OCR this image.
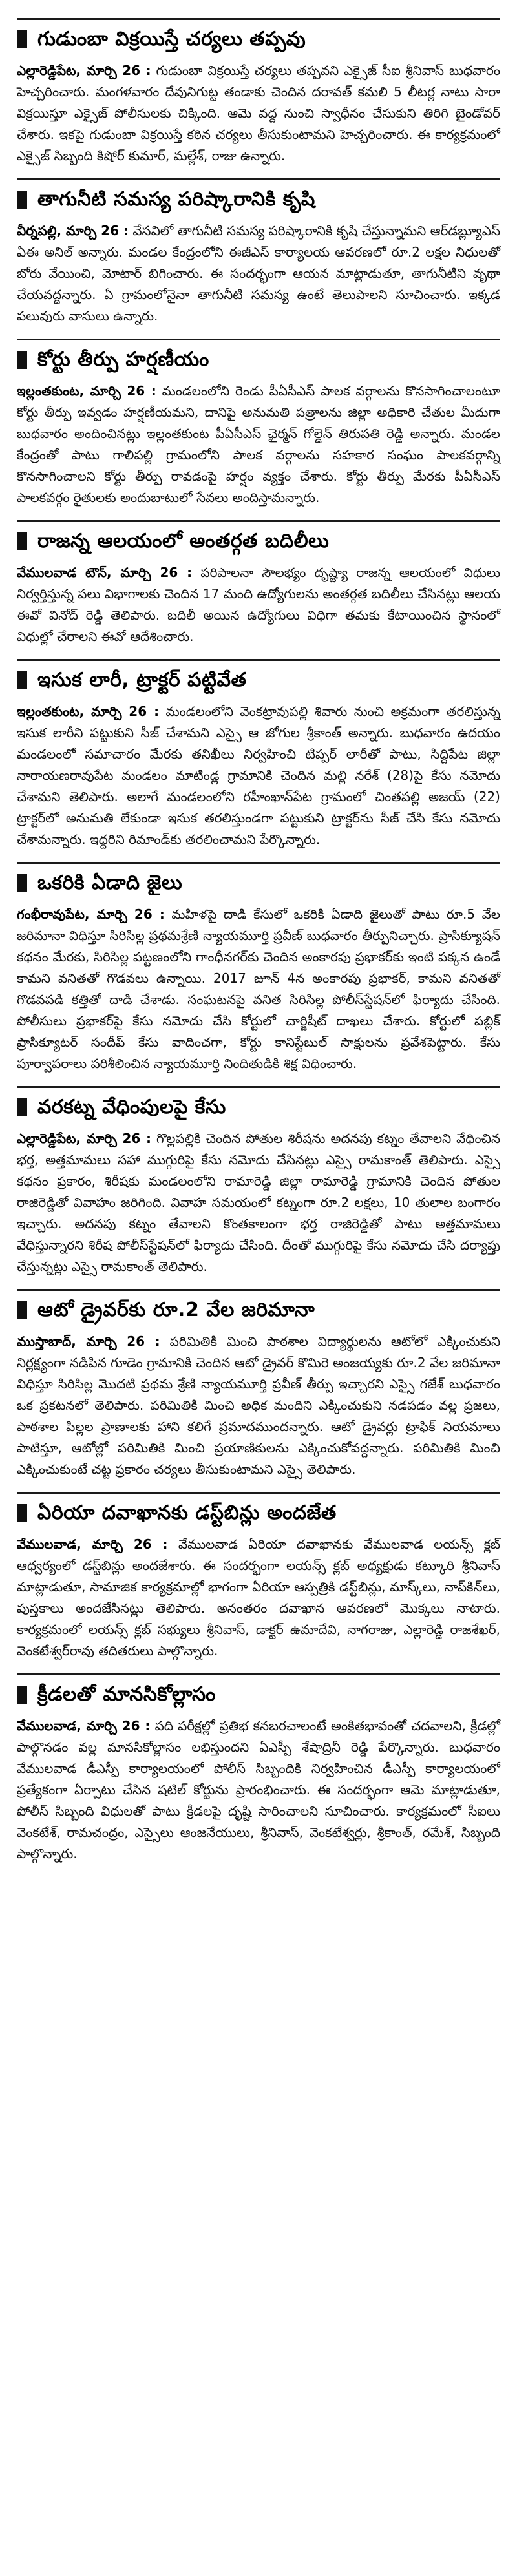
గుడుంబా విక్రయిస్తే చర్యలు తప్పవు

ఎల్లారెడ్డిపేట, మార్చి 26 : గుడుంబా విక్రయిస్తే చర్యలు తప్పవని ఎక్సైజ్ సీఐ శ్రీనివాస్ బుధవారం హెచ్చరించారు. మంగళవారం దేవునిగుట్ట తండాకు చెందిన దరావత్ కమలి 5 లీటర్ల నాటు సారా విక్రయిస్తూ ఎక్సైజ్ పోలీసులకు చిక్కింది. ఆమె వద్ద నుంచి స్వాధీనం చేసుకుని తిరిగి బైండోవర్ చేశారు. ఇకపై గుడుంబా విక్రయిస్తే కఠిన చర్యలు తీసుకుంటామని హెచ్చరించారు. ఈ కార్యక్రమంలో ఎక్సైజ్ సిబ్బంది కిషోర్ కుమార్, మల్లేశ్, రాజు ఉన్నారు.

తాగునీటి సమస్య పరిష్కారానికి కృషి

వీర్నపల్లి, మార్చి 26 : వేసవిలో తాగునీటి సమస్య పరిష్కారానికి కృషి చేస్తున్నామని ఆర్‌డబ్ల్యూఎస్ ఏఈ అనిల్ అన్నారు. మండల కేంద్రంలోని ఈజీఎస్ కార్యాలయ ఆవరణలో రూ.2 లక్షల నిధులతో బోరు వేయించి, మోటార్ బిగించారు. ఈ సందర్భంగా ఆయన మాట్లాడుతూ, తాగునీటిని వృథా చేయవద్దన్నారు. ఏ గ్రామంలోనైనా తాగునీటి సమస్య ఉంటే తెలుపాలని సూచించారు. ఇక్కడ పలువురు వాసులు ఉన్నారు.

కోర్టు తీర్పు హర్షణీయం

ఇల్లంతకుంట, మార్చి 26 : మండలంలోని రెండు పీఏసీఎస్ పాలక వర్గాలను కొనసాగించాలంటూ కోర్టు తీర్పు ఇవ్వడం హర్షణీయమని, దానిపై అనుమతి పత్రాలను జిల్లా అధికారి చేతుల మీదుగా బుధవారం అందించినట్లు ఇల్లంతకుంట పీఏసీఎస్ ఛైర్మన్ గోల్డెన్ తిరుపతి రెడ్డి అన్నారు. మండల కేంద్రంతో పాటు గాలిపల్లి గ్రామంలోని పాలక వర్గాలను సహకార సంఘం పాలకవర్గాన్ని కొనసాగించాలని కోర్టు తీర్పు రావడంపై హర్షం వ్యక్తం చేశారు. కోర్టు తీర్పు మేరకు పీఏసీఎస్ పాలకవర్గం రైతులకు అందుబాటులో సేవలు అందిస్తామన్నారు.

రాజన్న ఆలయంలో అంతర్గత బదిలీలు

వేములవాడ టౌన్, మార్చి 26 : పరిపాలనా సౌలభ్యం దృష్ట్యా రాజన్న ఆలయంలో విధులు నిర్వర్తిస్తున్న పలు విభాగాలకు చెందిన 17 మంది ఉద్యోగులను అంతర్గత బదిలీలు చేసినట్లు ఆలయ ఈవో వినోద్ రెడ్డి తెలిపారు. బదిలీ అయిన ఉద్యోగులు విధిగా తమకు కేటాయించిన స్థానంలో విధుల్లో చేరాలని ఈవో ఆదేశించారు.

ఇసుక లారీ, ట్రాక్టర్ పట్టివేత

ఇల్లంతకుంట, మార్చి 26 : మండలంలోని వెంకట్రావుపల్లి శివారు నుంచి అక్రమంగా తరలిస్తున్న ఇసుక లారీని పట్టుకుని సీజ్ చేశామని ఎస్సై ఆ జోగుల శ్రీకాంత్ అన్నారు. బుధవారం ఉదయం మండలంలో సమాచారం మేరకు తనిఖీలు నిర్వహించి టిప్పర్ లారీతో పాటు, సిద్దిపేట జిల్లా నారాయణరావుపేట మండలం మాటిండ్ల గ్రామానికి చెందిన మల్లి నరేశ్ (28)పై కేసు నమోదు చేశామని తెలిపారు. అలాగే మండలంలోని రహీంఖాన్‌పేట గ్రామంలో చింతపల్లి అజయ్ (22) ట్రాక్టర్‌లో అనుమతి లేకుండా ఇసుక తరలిస్తుండగా పట్టుకుని ట్రాక్టర్‌ను సీజ్ చేసి కేసు నమోదు చేశామన్నారు. ఇద్దరిని రిమాండ్‌కు తరలించామని పేర్కొన్నారు.

ఒకరికి ఏడాది జైలు

గంభీరావుపేట, మార్చి 26 : మహిళపై దాడి కేసులో ఒకరికి ఏడాది జైలుతో పాటు రూ.5 వేల జరిమానా విధిస్తూ సిరిసిల్ల ప్రథమశ్రేణి న్యాయమూర్తి ప్రవీణ్ బుధవారం తీర్పునిచ్చారు. ప్రాసిక్యూషన్ కథనం మేరకు, సిరిసిల్ల పట్టణంలోని గాంధీనగర్‌కు చెందిన అంకారపు ప్రభాకర్‌కు ఇంటి పక్కన ఉండే కామని వనితతో గొడవలు ఉన్నాయి. 2017 జూన్ 4న అంకారపు ప్రభాకర్, కామని వనితతో గొడవపడి కత్తితో దాడి చేశాడు. సంఘటనపై వనిత సిరిసిల్ల పోలీస్‌స్టేషన్‌లో ఫిర్యాదు చేసింది. పోలీసులు ప్రభాకర్‌పై కేసు నమోదు చేసి కోర్టులో చార్జిషీట్ దాఖలు చేశారు. కోర్టులో పబ్లిక్ ప్రాసిక్యూటర్ సందీప్ కేసు వాదించగా, కోర్టు కానిస్టేబుల్ సాక్షులను ప్రవేశపెట్టారు. కేసు పూర్వాపరాలు పరిశీలించిన న్యాయమూర్తి నిందితుడికి శిక్ష విధించారు.

వరకట్న వేధింపులపై కేసు

ఎల్లారెడ్డిపేట, మార్చి 26 : గొల్లపల్లికి చెందిన పోతుల శిరీషను అదనపు కట్నం తేవాలని వేధించిన భర్త, అత్తమామలు సహా ముగ్గురిపై కేసు నమోదు చేసినట్లు ఎస్సై రామకాంత్ తెలిపారు. ఎస్సై కథనం ప్రకారం, శిరీషకు మండలంలోని రామారెడ్డి జిల్లా రామారెడ్డి గ్రామానికి చెందిన పోతుల రాజిరెడ్డితో వివాహం జరిగింది. వివాహ సమయంలో కట్నంగా రూ.2 లక్షలు, 10 తులాల బంగారం ఇచ్చారు. అదనపు కట్నం తేవాలని కొంతకాలంగా భర్త రాజిరెడ్డితో పాటు అత్తమామలు వేధిస్తున్నారని శిరీష పోలీస్‌స్టేషన్‌లో ఫిర్యాదు చేసింది. దీంతో ముగ్గురిపై కేసు నమోదు చేసి దర్యాప్తు చేస్తున్నట్లు ఎస్సై రామకాంత్ తెలిపారు.

ఆటో డ్రైవర్‌కు రూ.2 వేల జరిమానా

ముస్తాబాద్, మార్చి 26 : పరిమితికి మించి పాఠశాల విద్యార్థులను ఆటోలో ఎక్కించుకుని నిర్లక్ష్యంగా నడిపిన గూడెం గ్రామానికి చెందిన ఆటో డ్రైవర్ కొమిరె అంజయ్యకు రూ.2 వేల జరిమానా విధిస్తూ సిరిసిల్ల మొదటి ప్రథమ శ్రేణి న్యాయమూర్తి ప్రవీణ్ తీర్పు ఇచ్చారని ఎస్సై గజేశ్ బుధవారం ఒక ప్రకటనలో తెలిపారు. పరిమితికి మించి అధిక మందిని ఎక్కించుకుని నడపడం వల్ల ప్రజలు, పాఠశాల పిల్లల ప్రాణాలకు హాని కలిగే ప్రమాదముందన్నారు. ఆటో డ్రైవర్లు ట్రాఫిక్ నియమాలు పాటిస్తూ, ఆటోల్లో పరిమితికి మించి ప్రయాణికులను ఎక్కించుకోవద్దన్నారు. పరిమితికి మించి ఎక్కించుకుంటే చట్ట ప్రకారం చర్యలు తీసుకుంటామని ఎస్సై తెలిపారు.

ఏరియా దవాఖానకు డస్ట్‌బిన్లు అందజేత

వేములవాడ, మార్చి 26 : వేములవాడ ఏరియా దవాఖానకు వేములవాడ లయన్స్ క్లబ్ ఆధ్వర్యంలో డస్ట్‌బిన్లు అందజేశారు. ఈ సందర్భంగా లయన్స్ క్లబ్ అధ్యక్షుడు కట్కూరి శ్రీనివాస్ మాట్లాడుతూ, సామాజిక కార్యక్రమాల్లో భాగంగా ఏరియా ఆస్పత్రికి డస్ట్‌బిన్లు, మాస్క్‌లు, నాప్‌కిన్‌లు, పుస్తకాలు అందజేసినట్లు తెలిపారు. అనంతరం దవాఖాన ఆవరణలో మొక్కలు నాటారు. కార్యక్రమంలో లయన్స్ క్లబ్ సభ్యులు శ్రీనివాస్, డాక్టర్ ఉమాదేవి, నాగరాజు, ఎల్లారెడ్డి రాజశేఖర్, వెంకటేశ్వర్‌రావు తదితరులు పాల్గొన్నారు.

క్రీడలతో మానసికోల్లాసం

వేములవాడ, మార్చి 26 : పది పరీక్షల్లో ప్రతిభ కనబరచాలంటే అంకితభావంతో చదవాలని, క్రీడల్లో పాల్గొనడం వల్ల మానసికోల్లాసం లభిస్తుందని ఏఎస్పీ శేషాద్రినీ రెడ్డి పేర్కొన్నారు. బుధవారం వేములవాడ డీఎస్పీ కార్యాలయంలో పోలీస్ సిబ్బందికి నిర్వహించిన డీఎస్పీ కార్యాలయంలో ప్రత్యేకంగా ఏర్పాటు చేసిన షటిల్ కోర్టును ప్రారంభించారు. ఈ సందర్భంగా ఆమె మాట్లాడుతూ, పోలీస్ సిబ్బంది విధులతో పాటు క్రీడలపై దృష్టి సారించాలని సూచించారు. కార్యక్రమంలో సీఐలు వెంకటేశ్, రామచంద్రం, ఎస్సైలు ఆంజనేయులు, శ్రీనివాస్, వెంకటేశ్వర్లు, శ్రీకాంత్, రమేశ్, సిబ్బంది పాల్గొన్నారు.
